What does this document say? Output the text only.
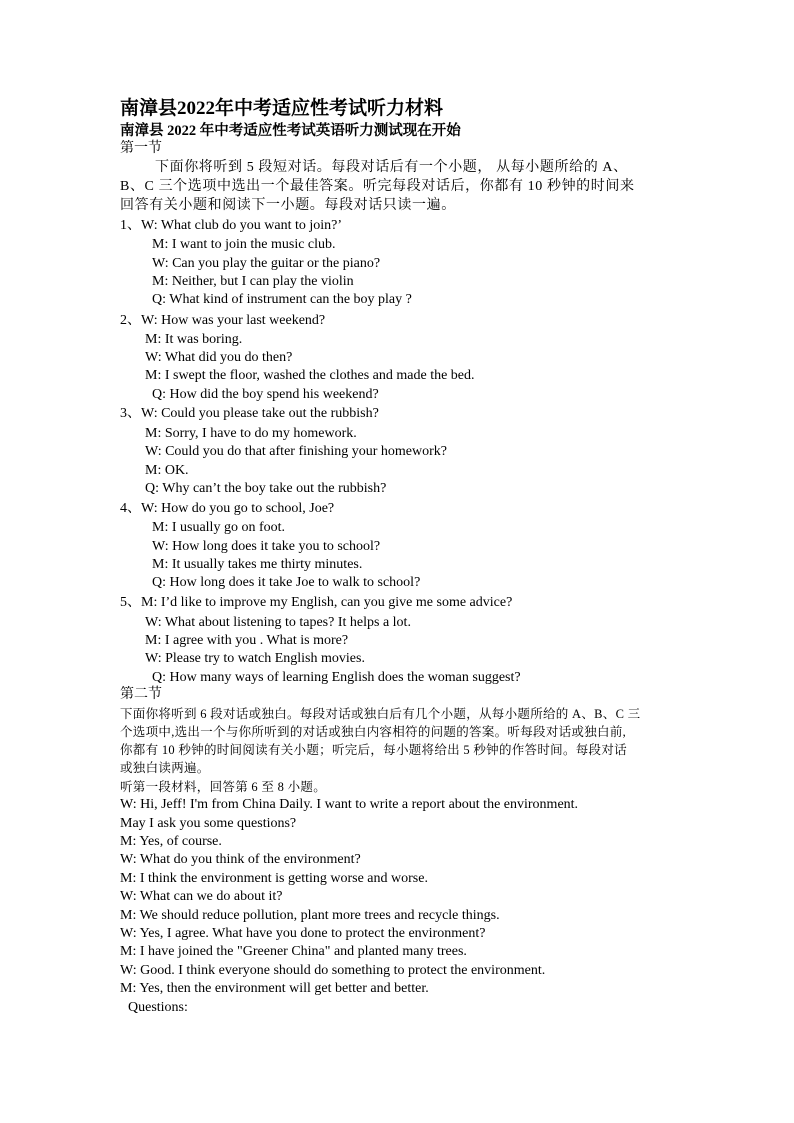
南漳县2022年中考适应性考试听力材料
南漳县 2022 年中考适应性考试英语听力测试现在开始
第一节
下面你将听到 5 段短对话。每段对话后有一个小题， 从每小题所给的 A、
B、C 三个选项中选出一个最佳答案。听完每段对话后，你都有 10 秒钟的时间来
回答有关小题和阅读下一小题。每段对话只读一遍。
1、W: What club do you want to join?’
M: I want to join the music club.
W: Can you play the guitar or the piano?
M: Neither, but I can play the violin
Q: What kind of instrument can the boy play ?
2、W: How was your last weekend?
M: It was boring.
W: What did you do then?
M: I swept the floor, washed the clothes and made the bed.
Q: How did the boy spend his weekend?
3、W: Could you please take out the rubbish?
M: Sorry, I have to do my homework.
W: Could you do that after finishing your homework?
M: OK.
Q: Why can’t the boy take out the rubbish?
4、W: How do you go to school, Joe?
M: I usually go on foot.
W: How long does it take you to school?
M: It usually takes me thirty minutes.
Q: How long does it take Joe to walk to school?
5、M: I’d like to improve my English, can you give me some advice?
W: What about listening to tapes? It helps a lot.
M: I agree with you . What is more?
W: Please try to watch English movies.
Q: How many ways of learning English does the woman suggest?
第二节
下面你将听到 6 段对话或独白。每段对话或独白后有几个小题，从每小题所给的 A、B、C 三
个选项中,选出一个与你所听到的对话或独白内容相符的问题的答案。听每段对话或独白前,
你都有 10 秒钟的时间阅读有关小题；听完后，每小题将给出 5 秒钟的作答时间。每段对话
或独白读两遍。
听第一段材料，回答第 6 至 8 小题。
W: Hi, Jeff! I'm from China Daily. I want to write a report about the environment.
May I ask you some questions?
M: Yes, of course.
W: What do you think of the environment?
M: I think the environment is getting worse and worse.
W: What can we do about it?
M: We should reduce pollution, plant more trees and recycle things.
W: Yes, I agree. What have you done to protect the environment?
M: I have joined the "Greener China" and planted many trees.
W: Good. I think everyone should do something to protect the environment.
M: Yes, then the environment will get better and better.
Questions:
